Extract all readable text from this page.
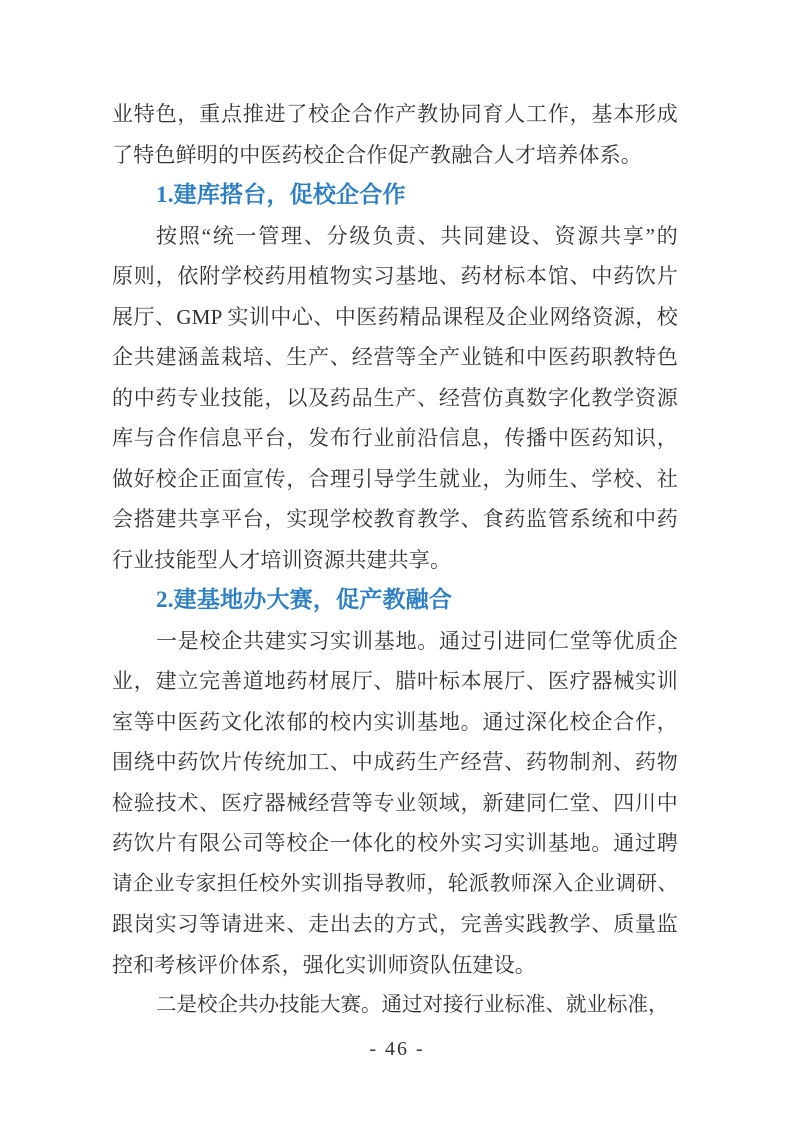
业特色，重点推进了校企合作产教协同育人工作，基本形成
了特色鲜明的中医药校企合作促产教融合人才培养体系。
1.建库搭台，促校企合作
按照“统一管理、分级负责、共同建设、资源共享”的
原则，依附学校药用植物实习基地、药材标本馆、中药饮片
展厅、GMP 实训中心、中医药精品课程及企业网络资源，校
企共建涵盖栽培、生产、经营等全产业链和中医药职教特色
的中药专业技能，以及药品生产、经营仿真数字化教学资源
库与合作信息平台，发布行业前沿信息，传播中医药知识，
做好校企正面宣传，合理引导学生就业，为师生、学校、社
会搭建共享平台，实现学校教育教学、食药监管系统和中药
行业技能型人才培训资源共建共享。
2.建基地办大赛，促产教融合
一是校企共建实习实训基地。通过引进同仁堂等优质企
业，建立完善道地药材展厅、腊叶标本展厅、医疗器械实训
室等中医药文化浓郁的校内实训基地。通过深化校企合作，
围绕中药饮片传统加工、中成药生产经营、药物制剂、药物
检验技术、医疗器械经营等专业领域，新建同仁堂、四川中
药饮片有限公司等校企一体化的校外实习实训基地。通过聘
请企业专家担任校外实训指导教师，轮派教师深入企业调研、
跟岗实习等请进来、走出去的方式，完善实践教学、质量监
控和考核评价体系，强化实训师资队伍建设。
二是校企共办技能大赛。通过对接行业标准、就业标准，
- 46 -
